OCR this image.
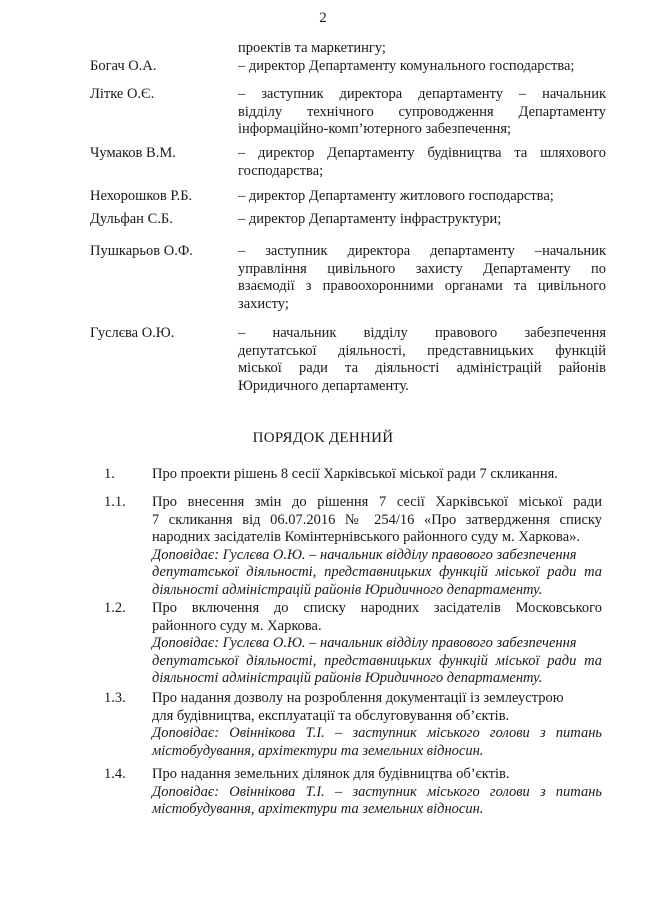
2
проектів та маркетингу;
Богач О.А.	– директор Департаменту комунального господарства;
Літке О.Є.	– заступник директора департаменту – начальник
відділу технічного супроводження Департаменту
інформаційно-комп’ютерного забезпечення;
Чумаков В.М.	– директор Департаменту будівництва та шляхового
господарства;
Нехорошков Р.Б.	– директор Департаменту житлового господарства;
Дульфан С.Б.	– директор Департаменту інфраструктури;
Пушкарьов О.Ф.	– заступник директора департаменту –начальник
управління цивільного захисту Департаменту по
взаємодії з правоохоронними органами та цивільного
захисту;
Гуслєва О.Ю.	– начальник відділу правового забезпечення
депутатської діяльності, представницьких функцій
міської ради та діяльності адміністрацій районів
Юридичного департаменту.
ПОРЯДОК ДЕННИЙ
1.	Про проекти рішень 8 сесії Харківської міської ради 7 скликання.
1.1.	Про внесення змін до рішення 7 сесії Харківської міської ради
7 скликання від 06.07.2016 № 254/16 «Про затвердження списку
народних засідателів Комінтернівського районного суду м. Харкова».
Доповідає: Гуслєва О.Ю. – начальник відділу правового забезпечення
депутатської діяльності, представницьких функцій міської ради та
діяльності адміністрацій районів Юридичного департаменту.
1.2.	Про включення до списку народних засідателів Московського
районного суду м. Харкова.
Доповідає: Гуслєва О.Ю. – начальник відділу правового забезпечення
депутатської діяльності, представницьких функцій міської ради та
діяльності адміністрацій районів Юридичного департаменту.
1.3.	Про надання дозволу на розроблення документації із землеустрою
для будівництва, експлуатації та обслуговування об’єктів.
Доповідає: Овіннікова Т.І. – заступник міського голови з питань
містобудування, архітектури та земельних відносин.
1.4.	Про надання земельних ділянок для будівництва об’єктів.
Доповідає: Овіннікова Т.І. – заступник міського голови з питань
містобудування, архітектури та земельних відносин.
